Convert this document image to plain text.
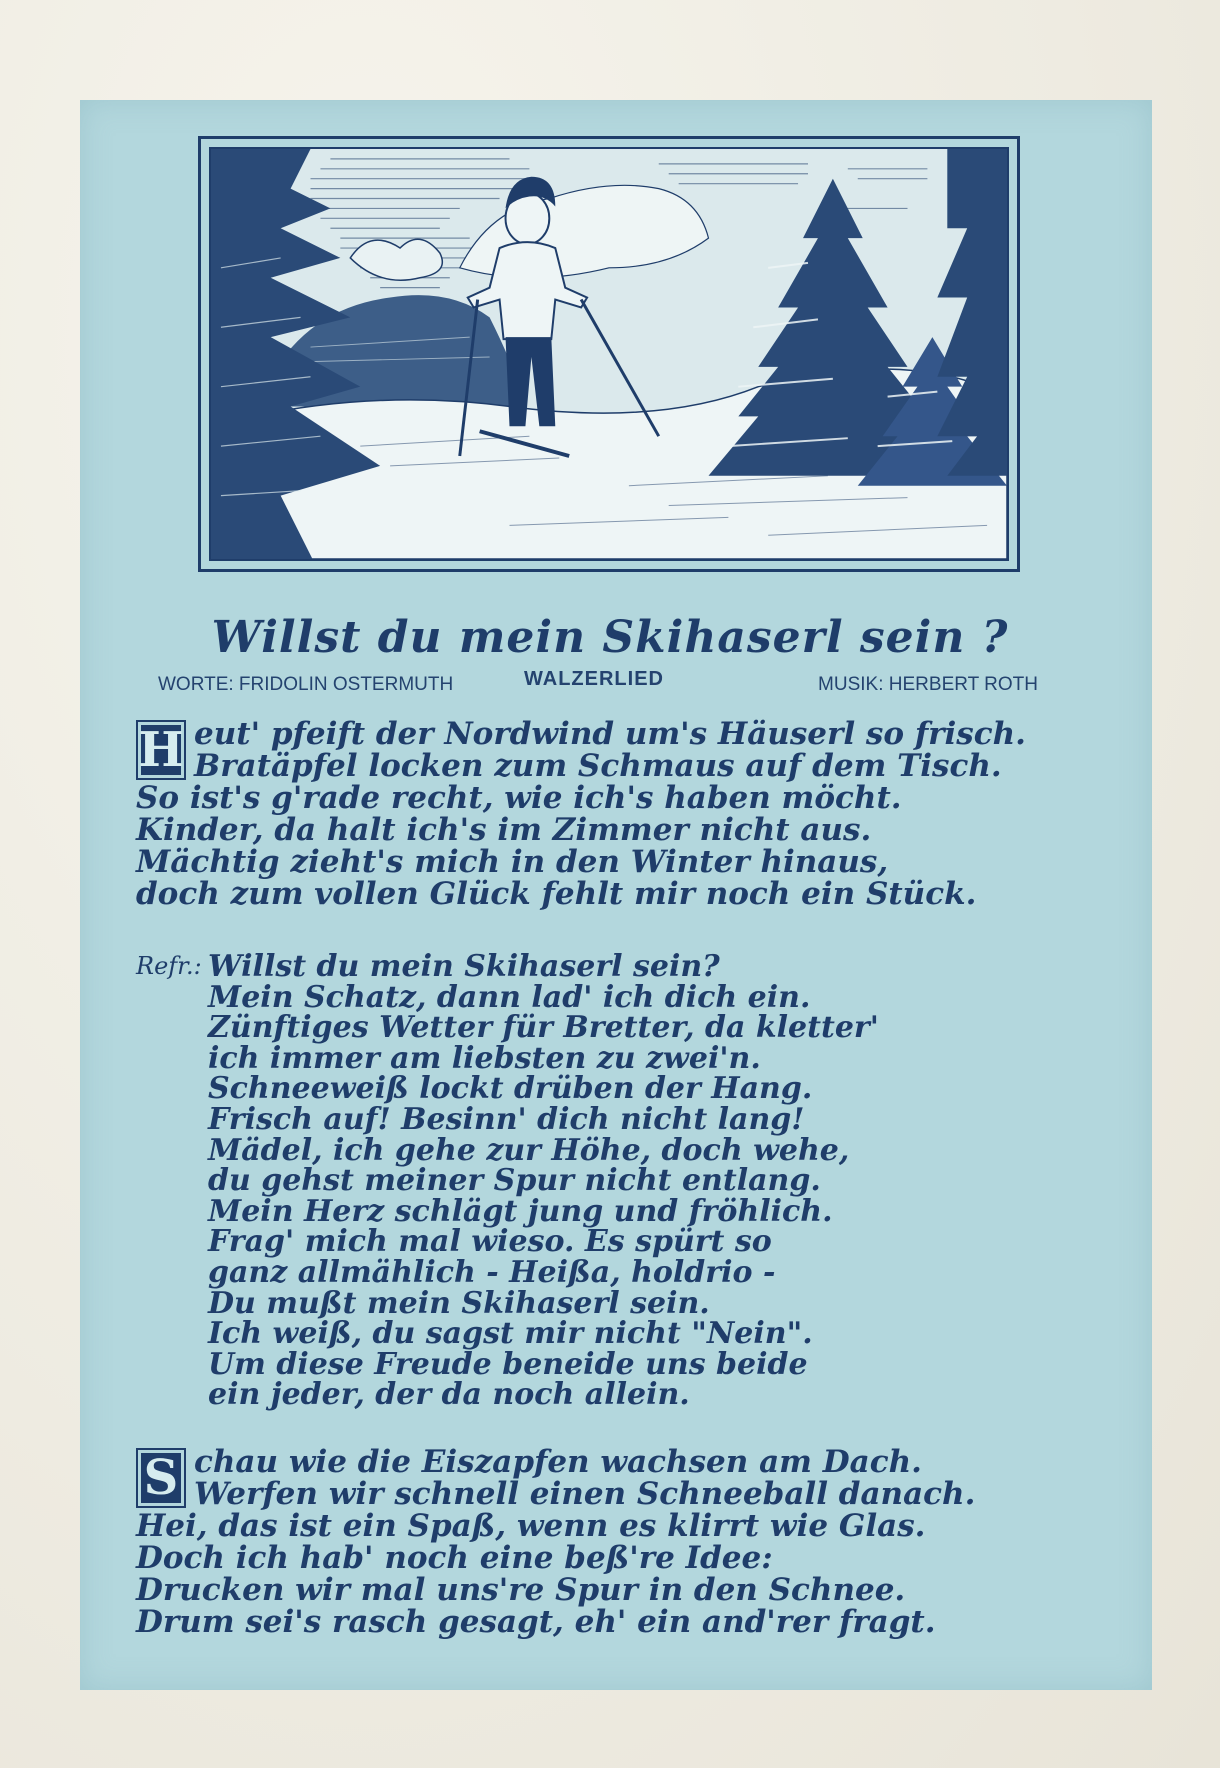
Willst du mein Skihaserl sein ?
WORTE: FRIDOLIN OSTERMUTH	WALZERLIED	MUSIK: HERBERT ROTH
H eut' pfeift der Nordwind um's Häuserl so frisch.
Bratäpfel locken zum Schmaus auf dem Tisch.
So ist's g'rade recht, wie ich's haben möcht.
Kinder, da halt ich's im Zimmer nicht aus.
Mächtig zieht's mich in den Winter hinaus,
doch zum vollen Glück fehlt mir noch ein Stück.

Refr.: Willst du mein Skihaserl sein?
Mein Schatz, dann lad' ich dich ein.
Zünftiges Wetter für Bretter, da kletter'
ich immer am liebsten zu zwei'n.
Schneeweiß lockt drüben der Hang.
Frisch auf! Besinn' dich nicht lang!
Mädel, ich gehe zur Höhe, doch wehe,
du gehst meiner Spur nicht entlang.
Mein Herz schlägt jung und fröhlich.
Frag' mich mal wieso. Es spürt so
ganz allmählich - Heißa, holdrio -
Du mußt mein Skihaserl sein.
Ich weiß, du sagst mir nicht "Nein".
Um diese Freude beneide uns beide
ein jeder, der da noch allein.
S chau wie die Eiszapfen wachsen am Dach.
Werfen wir schnell einen Schneeball danach.
Hei, das ist ein Spaß, wenn es klirrt wie Glas.
Doch ich hab' noch eine beß're Idee:
Drucken wir mal uns're Spur in den Schnee.
Drum sei's rasch gesagt, eh' ein and'rer fragt.
